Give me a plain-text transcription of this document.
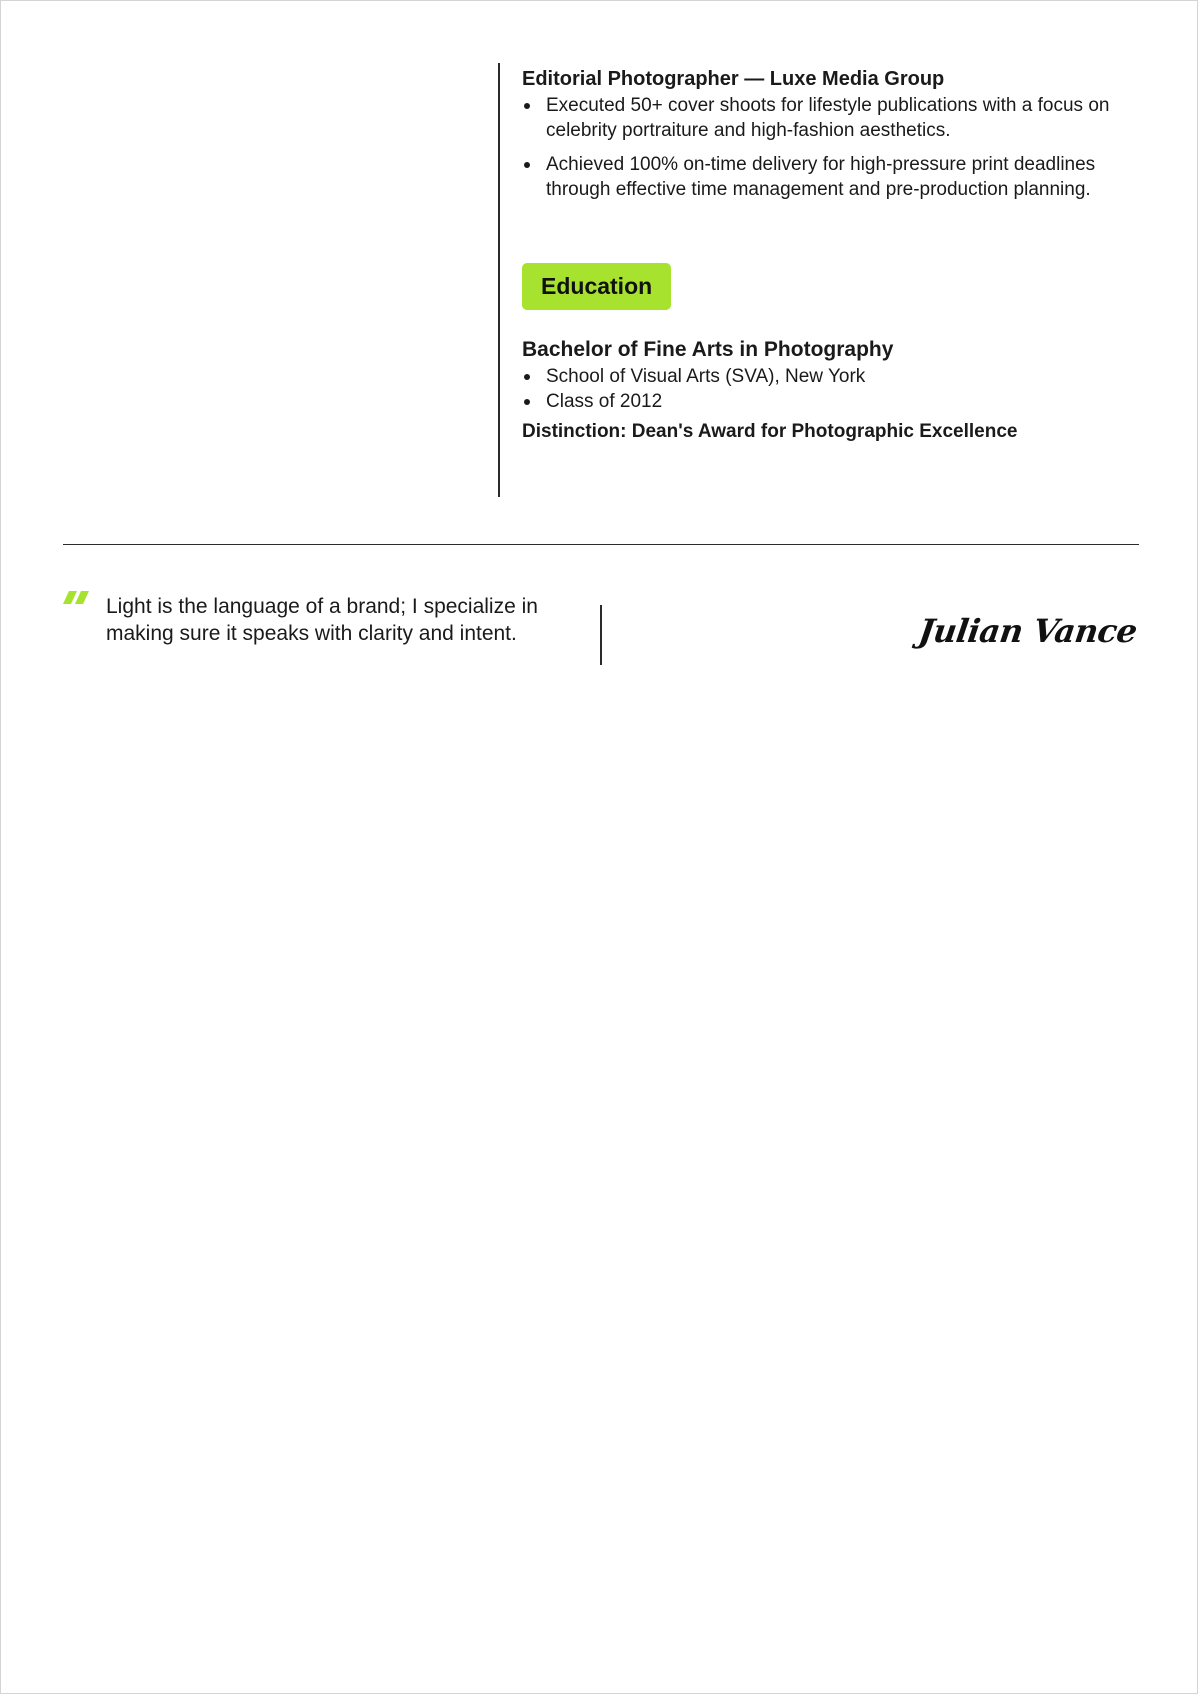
Editorial Photographer — Luxe Media Group
Executed 50+ cover shoots for lifestyle publications with a focus on celebrity portraiture and high-fashion aesthetics.
Achieved 100% on-time delivery for high-pressure print deadlines through effective time management and pre-production planning.
Education
Bachelor of Fine Arts in Photography
School of Visual Arts (SVA), New York
Class of 2012
Distinction: Dean's Award for Photographic Excellence

Light is the language of a brand; I specialize in making sure it speaks with clarity and intent.	Julian Vance
